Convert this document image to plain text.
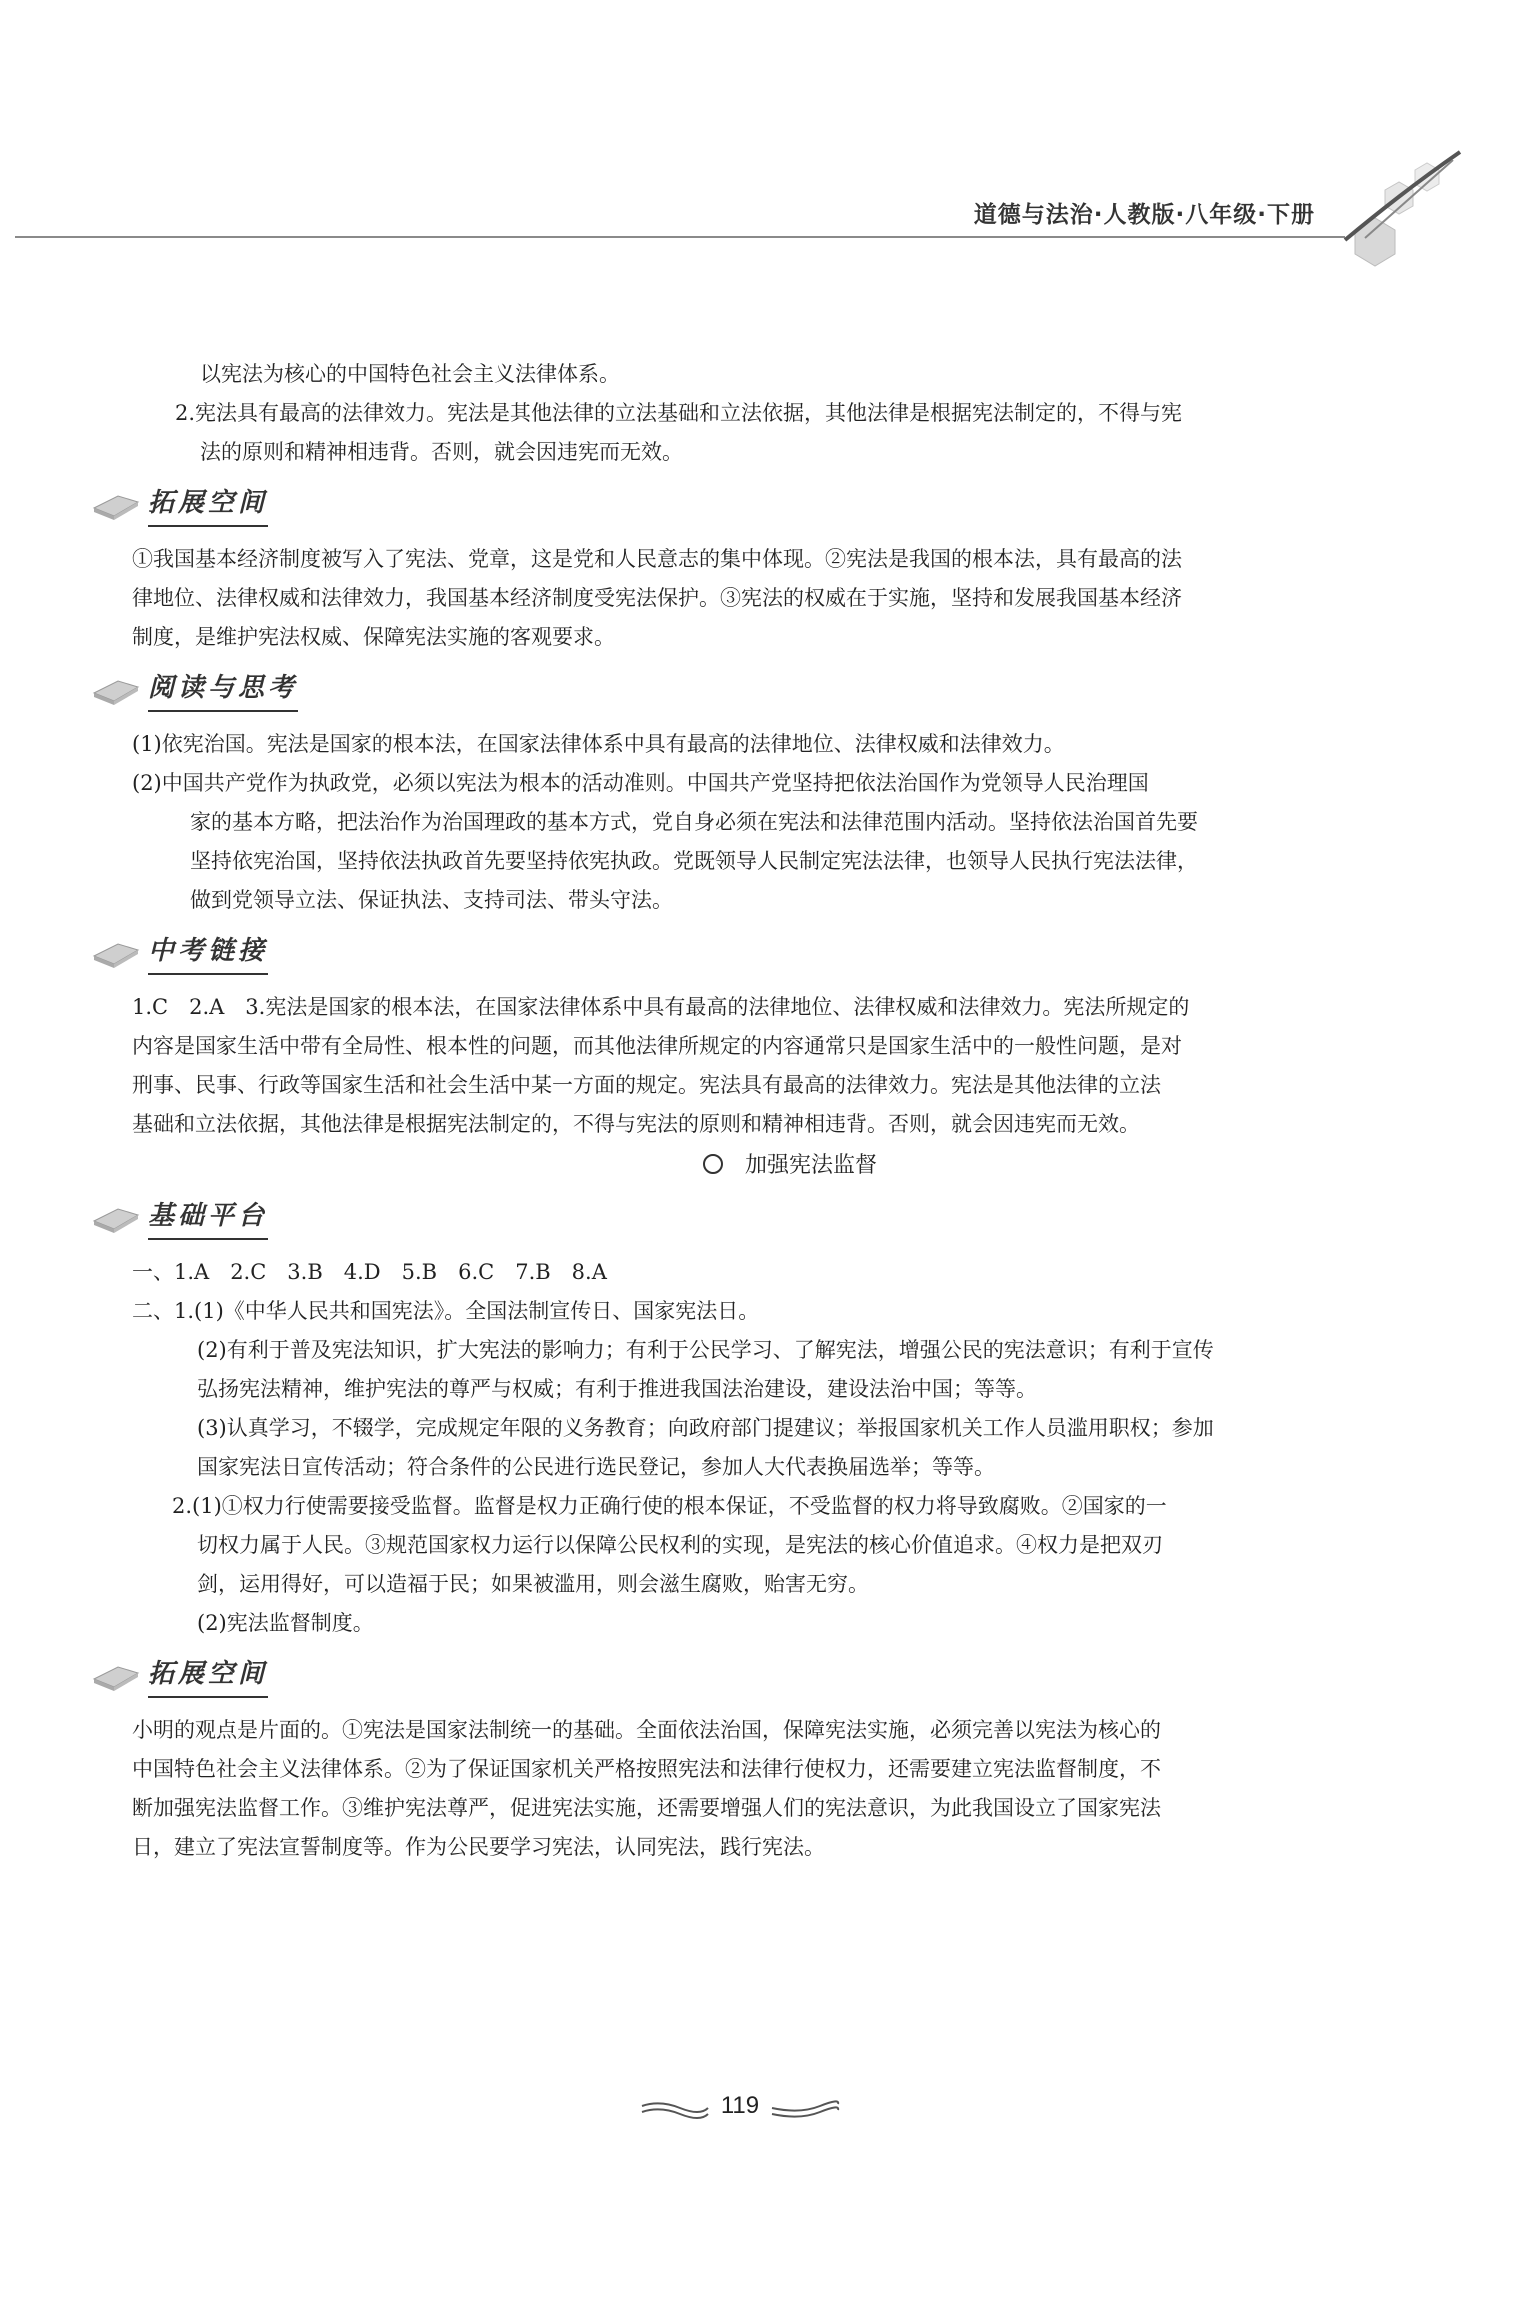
道德与法治·人教版·八年级·下册

以宪法为核心的中国特色社会主义法律体系。

2.宪法具有最高的法律效力。宪法是其他法律的立法基础和立法依据，其他法律是根据宪法制定的，不得与宪

法的原则和精神相违背。否则，就会因违宪而无效。

拓展空间

①我国基本经济制度被写入了宪法、党章，这是党和人民意志的集中体现。②宪法是我国的根本法，具有最高的法

律地位、法律权威和法律效力，我国基本经济制度受宪法保护。③宪法的权威在于实施，坚持和发展我国基本经济

制度，是维护宪法权威、保障宪法实施的客观要求。

阅读与思考

(1)依宪治国。宪法是国家的根本法，在国家法律体系中具有最高的法律地位、法律权威和法律效力。

(2)中国共产党作为执政党，必须以宪法为根本的活动准则。中国共产党坚持把依法治国作为党领导人民治理国

家的基本方略，把法治作为治国理政的基本方式，党自身必须在宪法和法律范围内活动。坚持依法治国首先要

坚持依宪治国，坚持依法执政首先要坚持依宪执政。党既领导人民制定宪法法律，也领导人民执行宪法法律，

做到党领导立法、保证执法、支持司法、带头守法。

中考链接

1.C　2.A　3.宪法是国家的根本法，在国家法律体系中具有最高的法律地位、法律权威和法律效力。宪法所规定的

内容是国家生活中带有全局性、根本性的问题，而其他法律所规定的内容通常只是国家生活中的一般性问题，是对

刑事、民事、行政等国家生活和社会生活中某一方面的规定。宪法具有最高的法律效力。宪法是其他法律的立法

基础和立法依据，其他法律是根据宪法制定的，不得与宪法的原则和精神相违背。否则，就会因违宪而无效。

加强宪法监督
基础平台

一、1.A　2.C　3.B　4.D　5.B　6.C　7.B　8.A

二、1.(1)《中华人民共和国宪法》。全国法制宣传日、国家宪法日。

(2)有利于普及宪法知识，扩大宪法的影响力；有利于公民学习、了解宪法，增强公民的宪法意识；有利于宣传

弘扬宪法精神，维护宪法的尊严与权威；有利于推进我国法治建设，建设法治中国；等等。

(3)认真学习，不辍学，完成规定年限的义务教育；向政府部门提建议；举报国家机关工作人员滥用职权；参加

国家宪法日宣传活动；符合条件的公民进行选民登记，参加人大代表换届选举；等等。

2.(1)①权力行使需要接受监督。监督是权力正确行使的根本保证，不受监督的权力将导致腐败。②国家的一

切权力属于人民。③规范国家权力运行以保障公民权利的实现，是宪法的核心价值追求。④权力是把双刃

剑，运用得好，可以造福于民；如果被滥用，则会滋生腐败，贻害无穷。

(2)宪法监督制度。

拓展空间

小明的观点是片面的。①宪法是国家法制统一的基础。全面依法治国，保障宪法实施，必须完善以宪法为核心的

中国特色社会主义法律体系。②为了保证国家机关严格按照宪法和法律行使权力，还需要建立宪法监督制度，不

断加强宪法监督工作。③维护宪法尊严，促进宪法实施，还需要增强人们的宪法意识，为此我国设立了国家宪法

日，建立了宪法宣誓制度等。作为公民要学习宪法，认同宪法，践行宪法。

119
